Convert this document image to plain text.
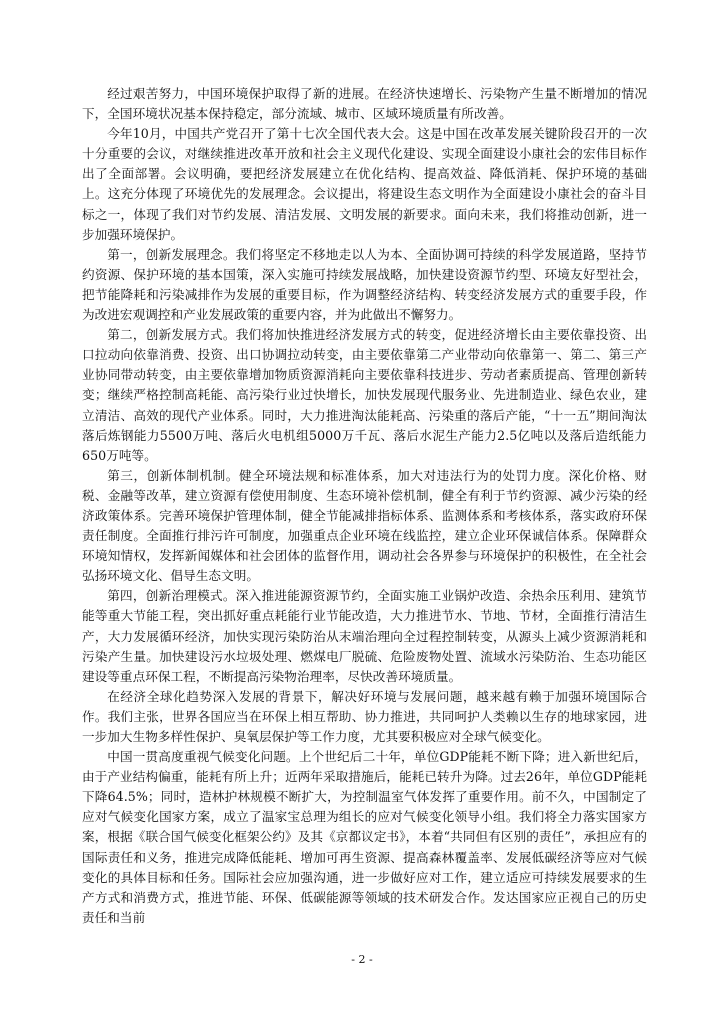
经过艰苦努力，中国环境保护取得了新的进展。在经济快速增长、污染物产生量不断增加的情况下，全国环境状况基本保持稳定，部分流域、城市、区域环境质量有所改善。

今年10月，中国共产党召开了第十七次全国代表大会。这是中国在改革发展关键阶段召开的一次十分重要的会议，对继续推进改革开放和社会主义现代化建设、实现全面建设小康社会的宏伟目标作出了全面部署。会议明确，要把经济发展建立在优化结构、提高效益、降低消耗、保护环境的基础上。这充分体现了环境优先的发展理念。会议提出，将建设生态文明作为全面建设小康社会的奋斗目标之一，体现了我们对节约发展、清洁发展、文明发展的新要求。面向未来，我们将推动创新，进一步加强环境保护。

第一，创新发展理念。我们将坚定不移地走以人为本、全面协调可持续的科学发展道路，坚持节约资源、保护环境的基本国策，深入实施可持续发展战略，加快建设资源节约型、环境友好型社会，把节能降耗和污染减排作为发展的重要目标，作为调整经济结构、转变经济发展方式的重要手段，作为改进宏观调控和产业发展政策的重要内容，并为此做出不懈努力。

第二，创新发展方式。我们将加快推进经济发展方式的转变，促进经济增长由主要依靠投资、出口拉动向依靠消费、投资、出口协调拉动转变，由主要依靠第二产业带动向依靠第一、第二、第三产业协同带动转变，由主要依靠增加物质资源消耗向主要依靠科技进步、劳动者素质提高、管理创新转变；继续严格控制高耗能、高污染行业过快增长，加快发展现代服务业、先进制造业、绿色农业，建立清洁、高效的现代产业体系。同时，大力推进淘汰能耗高、污染重的落后产能，“十一五”期间淘汰落后炼钢能力5500万吨、落后火电机组5000万千瓦、落后水泥生产能力2.5亿吨以及落后造纸能力650万吨等。

第三，创新体制机制。健全环境法规和标准体系，加大对违法行为的处罚力度。深化价格、财税、金融等改革，建立资源有偿使用制度、生态环境补偿机制，健全有利于节约资源、减少污染的经济政策体系。完善环境保护管理体制，健全节能减排指标体系、监测体系和考核体系，落实政府环保责任制度。全面推行排污许可制度，加强重点企业环境在线监控，建立企业环保诚信体系。保障群众环境知情权，发挥新闻媒体和社会团体的监督作用，调动社会各界参与环境保护的积极性，在全社会弘扬环境文化、倡导生态文明。

第四，创新治理模式。深入推进能源资源节约，全面实施工业锅炉改造、余热余压利用、建筑节能等重大节能工程，突出抓好重点耗能行业节能改造，大力推进节水、节地、节材，全面推行清洁生产，大力发展循环经济，加快实现污染防治从末端治理向全过程控制转变，从源头上减少资源消耗和污染产生量。加快建设污水垃圾处理、燃煤电厂脱硫、危险废物处置、流域水污染防治、生态功能区建设等重点环保工程，不断提高污染物治理率，尽快改善环境质量。

在经济全球化趋势深入发展的背景下，解决好环境与发展问题，越来越有赖于加强环境国际合作。我们主张，世界各国应当在环保上相互帮助、协力推进，共同呵护人类赖以生存的地球家园，进一步加大生物多样性保护、臭氧层保护等工作力度，尤其要积极应对全球气候变化。

中国一贯高度重视气候变化问题。上个世纪后二十年，单位GDP能耗不断下降；进入新世纪后，由于产业结构偏重，能耗有所上升；近两年采取措施后，能耗已转升为降。过去26年，单位GDP能耗下降64.5%；同时，造林护林规模不断扩大，为控制温室气体发挥了重要作用。前不久，中国制定了应对气候变化国家方案，成立了温家宝总理为组长的应对气候变化领导小组。我们将全力落实国家方案，根据《联合国气候变化框架公约》及其《京都议定书》，本着“共同但有区别的责任”，承担应有的国际责任和义务，推进完成降低能耗、增加可再生资源、提高森林覆盖率、发展低碳经济等应对气候变化的具体目标和任务。国际社会应加强沟通，进一步做好应对工作，建立适应可持续发展要求的生产方式和消费方式，推进节能、环保、低碳能源等领域的技术研发合作。发达国家应正视自己的历史责任和当前

- 2 -
